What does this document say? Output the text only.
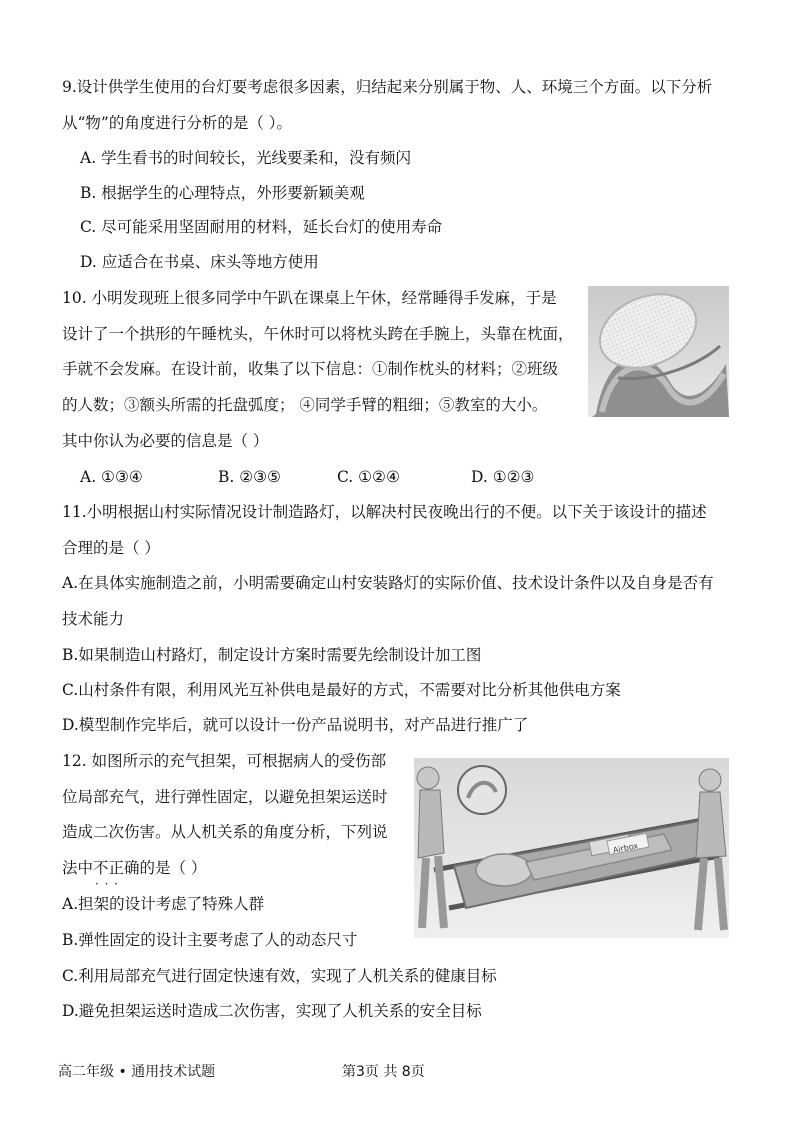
9.设计供学生使用的台灯要考虑很多因素，归结起来分别属于物、人、环境三个方面。以下分析
从“物”的角度进行分析的是（ ）。
A. 学生看书的时间较长，光线要柔和，没有频闪
B. 根据学生的心理特点，外形要新颖美观
C. 尽可能采用坚固耐用的材料，延长台灯的使用寿命
D. 应适合在书桌、床头等地方使用
10. 小明发现班上很多同学中午趴在课桌上午休，经常睡得手发麻，于是
设计了一个拱形的午睡枕头，午休时可以将枕头跨在手腕上，头靠在枕面，
手就不会发麻。在设计前，收集了以下信息：①制作枕头的材料；②班级
的人数；③额头所需的托盘弧度； ④同学手臂的粗细；⑤教室的大小。
其中你认为必要的信息是（ ）
A. ①③④	B. ②③⑤	C. ①②④	D. ①②③
11.小明根据山村实际情况设计制造路灯，以解决村民夜晚出行的不便。以下关于该设计的描述
合理的是（ ）
A.在具体实施制造之前，小明需要确定山村安装路灯的实际价值、技术设计条件以及自身是否有
技术能力
B.如果制造山村路灯，制定设计方案时需要先绘制设计加工图
C.山村条件有限，利用风光互补供电是最好的方式，不需要对比分析其他供电方案
D.模型制作完毕后，就可以设计一份产品说明书，对产品进行推广了
12. 如图所示的充气担架，可根据病人的受伤部
位局部充气，进行弹性固定，以避免担架运送时
造成二次伤害。从人机关系的角度分析，下列说
法中不正确 · · ·的是（ ）
A.担架的设计考虑了特殊人群
B.弹性固定的设计主要考虑了人的动态尺寸
C.利用局部充气进行固定快速有效，实现了人机关系的健康目标
D.避免担架运送时造成二次伤害，实现了人机关系的安全目标
Airbox
高二年级 • 通用技术试题	第3页 共 8页
